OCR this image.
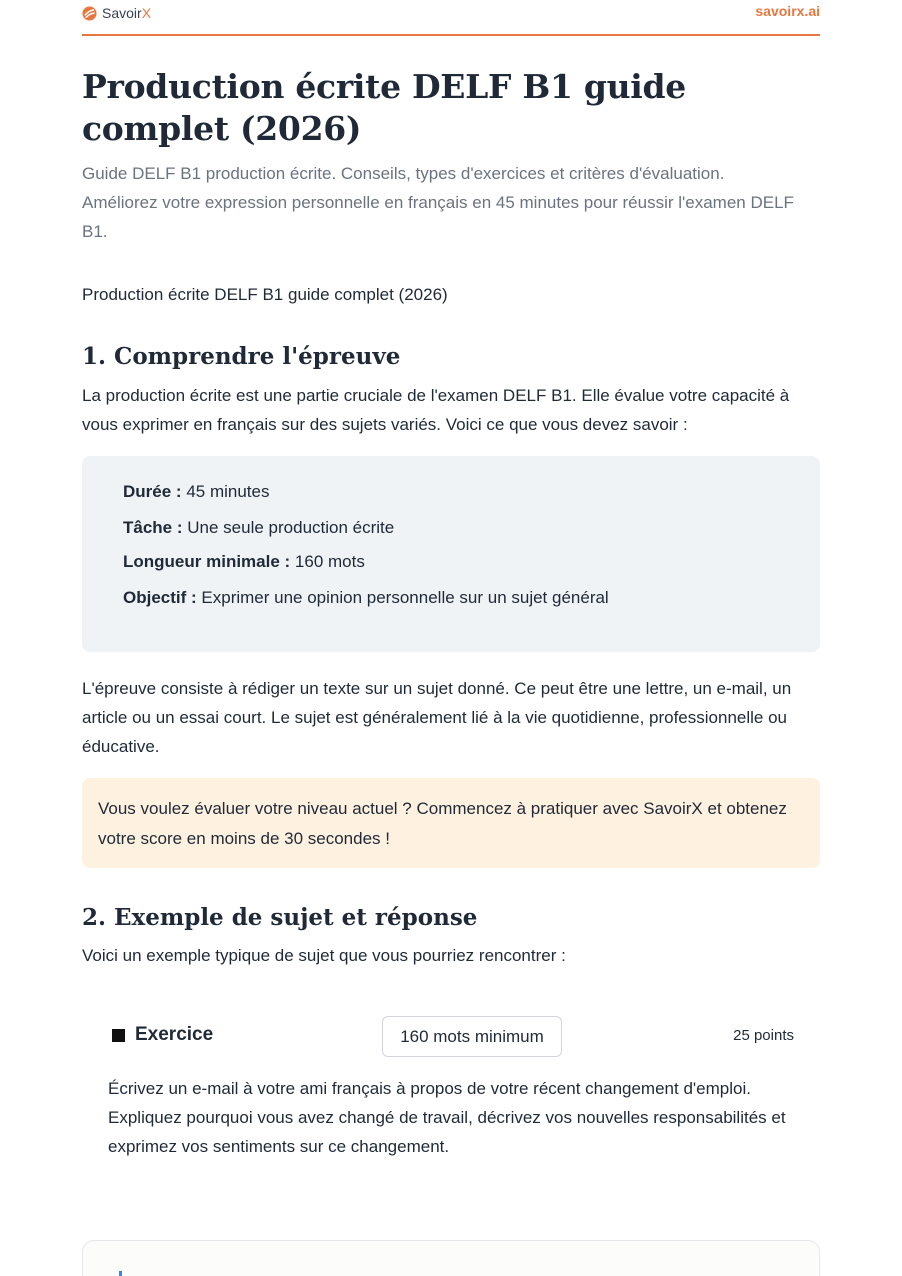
SavoirX	savoirx.ai
Production écrite DELF B1 guide complet (2026)

Guide DELF B1 production écrite. Conseils, types d'exercices et critères d'évaluation. Améliorez votre expression personnelle en français en 45 minutes pour réussir l'examen DELF B1.

Production écrite DELF B1 guide complet (2026)

1. Comprendre l'épreuve

La production écrite est une partie cruciale de l'examen DELF B1. Elle évalue votre capacité à vous exprimer en français sur des sujets variés. Voici ce que vous devez savoir :

Durée : 45 minutes
Tâche : Une seule production écrite
Longueur minimale : 160 mots
Objectif : Exprimer une opinion personnelle sur un sujet général

L'épreuve consiste à rédiger un texte sur un sujet donné. Ce peut être une lettre, un e-mail, un article ou un essai court. Le sujet est généralement lié à la vie quotidienne, professionnelle ou éducative.

Vous voulez évaluer votre niveau actuel ? Commencez à pratiquer avec SavoirX et obtenez votre score en moins de 30 secondes !

2. Exemple de sujet et réponse

Voici un exemple typique de sujet que vous pourriez rencontrer :

Exercice	160 mots minimum	25 points

Écrivez un e-mail à votre ami français à propos de votre récent changement d'emploi. Expliquez pourquoi vous avez changé de travail, décrivez vos nouvelles responsabilités et exprimez vos sentiments sur ce changement.
